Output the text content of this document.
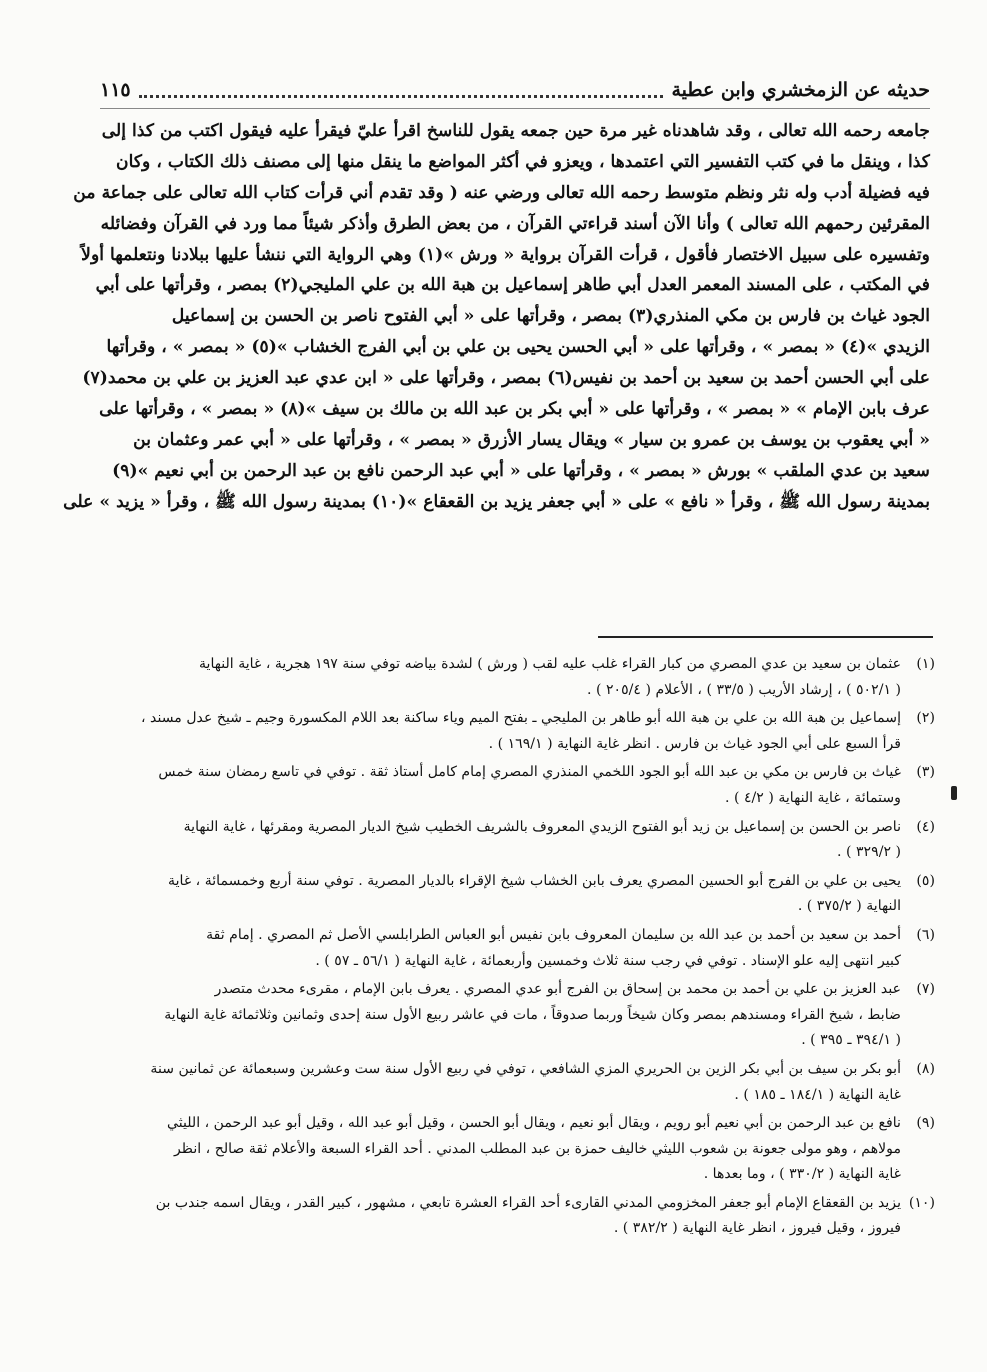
حديثه عن الزمخشري وابن عطية
١١٥
جامعه رحمه الله تعالى ، وقد شاهدناه غير مرة حين جمعه يقول للناسخ اقرأ عليّ فيقرأ عليه فيقول اكتب من كذا إلى
كذا ، وينقل ما في كتب التفسير التي اعتمدها ، ويعزو في أكثر المواضع ما ينقل منها إلى مصنف ذلك الكتاب ، وكان
فيه فضيلة أدب وله نثر ونظم متوسط رحمه الله تعالى ورضي عنه ( وقد تقدم أني قرأت كتاب الله تعالى على جماعة من
المقرئين رحمهم الله تعالى ) وأنا الآن أسند قراءتي القرآن ، من بعض الطرق وأذكر شيئاً مما ورد في القرآن وفضائله
وتفسيره على سبيل الاختصار فأقول ، قرأت القرآن برواية « ورش »(١) وهي الرواية التي ننشأ عليها ببلادنا ونتعلمها أولاً
في المكتب ، على المسند المعمر العدل أبي طاهر إسماعيل بن هبة الله بن علي المليجي(٢) بمصر ، وقرأتها على أبي
الجود غياث بن فارس بن مكي المنذري(٣) بمصر ، وقرأتها على « أبي الفتوح ناصر بن الحسن بن إسماعيل
الزيدي »(٤) « بمصر » ، وقرأتها على « أبي الحسن يحيى بن علي بن أبي الفرج الخشاب »(٥) « بمصر » ، وقرأتها
على أبي الحسن أحمد بن سعيد بن أحمد بن نفيس(٦) بمصر ، وقرأتها على « ابن عدي عبد العزيز بن علي بن محمد(٧)
عرف بابن الإمام » « بمصر » ، وقرأتها على « أبي بكر بن عبد الله بن مالك بن سيف »(٨) « بمصر » ، وقرأتها على
« أبي يعقوب بن يوسف بن عمرو بن سيار » ويقال يسار الأزرق « بمصر » ، وقرأتها على « أبي عمر وعثمان بن
سعيد بن عدي الملقب » بورش « بمصر » ، وقرأتها على « أبي عبد الرحمن نافع بن عبد الرحمن بن أبي نعيم »(٩)
بمدينة رسول الله ﷺ ، وقرأ « نافع » على « أبي جعفر يزيد بن القعقاع »(١٠) بمدينة رسول الله ﷺ ، وقرأ « يزيد » على
(١)
عثمان بن سعيد بن عدي المصري من كبار القراء غلب عليه لقب ( ورش ) لشدة بياضه توفي سنة ١٩٧ هجرية ، غاية النهاية
( ٥٠٢/١ ) ، إرشاد الأريب ( ٣٣/٥ ) ، الأعلام ( ٢٠٥/٤ ) .
(٢)
إسماعيل بن هبة الله بن علي بن هبة الله أبو طاهر بن المليجي ـ بفتح الميم وياء ساكنة بعد اللام المكسورة وجيم ـ شيخ عدل مسند ،
قرأ السبع على أبي الجود غياث بن فارس . انظر غاية النهاية ( ١٦٩/١ ) .
(٣)
غياث بن فارس بن مكي بن عبد الله أبو الجود اللخمي المنذري المصري إمام كامل أستاذ ثقة . توفي في تاسع رمضان سنة خمس
وستمائة ، غاية النهاية ( ٤/٢ ) .
(٤)
ناصر بن الحسن بن إسماعيل بن زيد أبو الفتوح الزيدي المعروف بالشريف الخطيب شيخ الديار المصرية ومقرئها ، غاية النهاية
( ٣٢٩/٢ ) .
(٥)
يحيى بن علي بن الفرج أبو الحسين المصري يعرف بابن الخشاب شيخ الإقراء بالديار المصرية . توفي سنة أربع وخمسمائة ، غاية
النهاية ( ٣٧٥/٢ ) .
(٦)
أحمد بن سعيد بن أحمد بن عبد الله بن سليمان المعروف بابن نفيس أبو العباس الطرابلسي الأصل ثم المصري . إمام ثقة
كبير انتهى إليه علو الإسناد . توفي في رجب سنة ثلاث وخمسين وأربعمائة ، غاية النهاية ( ٥٦/١ ـ ٥٧ ) .
(٧)
عبد العزيز بن علي بن أحمد بن محمد بن إسحاق بن الفرج أبو عدي المصري . يعرف بابن الإمام ، مقرىء محدث متصدر
ضابط ، شيخ القراء ومسندهم بمصر وكان شيخاً وربما صدوقاً ، مات في عاشر ربيع الأول سنة إحدى وثمانين وثلاثمائة غاية النهاية
( ٣٩٤/١ ـ ٣٩٥ ) .
(٨)
أبو بكر بن سيف بن أبي بكر الزين بن الحريري المزي الشافعي ، توفي في ربيع الأول سنة ست وعشرين وسبعمائة عن ثمانين سنة
غاية النهاية ( ١٨٤/١ ـ ١٨٥ ) .
(٩)
نافع بن عبد الرحمن بن أبي نعيم أبو رويم ، ويقال أبو نعيم ، ويقال أبو الحسن ، وقيل أبو عبد الله ، وقيل أبو عبد الرحمن ، الليثي
مولاهم ، وهو مولى جعونة بن شعوب الليثي خاليف حمزة بن عبد المطلب المدني . أحد القراء السبعة والأعلام ثقة صالح ، انظر
غاية النهاية ( ٣٣٠/٢ ) ، وما بعدها .
(١٠)
يزيد بن القعقاع الإمام أبو جعفر المخزومي المدني القارىء أحد القراء العشرة تابعي ، مشهور ، كبير القدر ، ويقال اسمه جندب بن
فيروز ، وقيل فيروز ، انظر غاية النهاية ( ٣٨٢/٢ ) .
